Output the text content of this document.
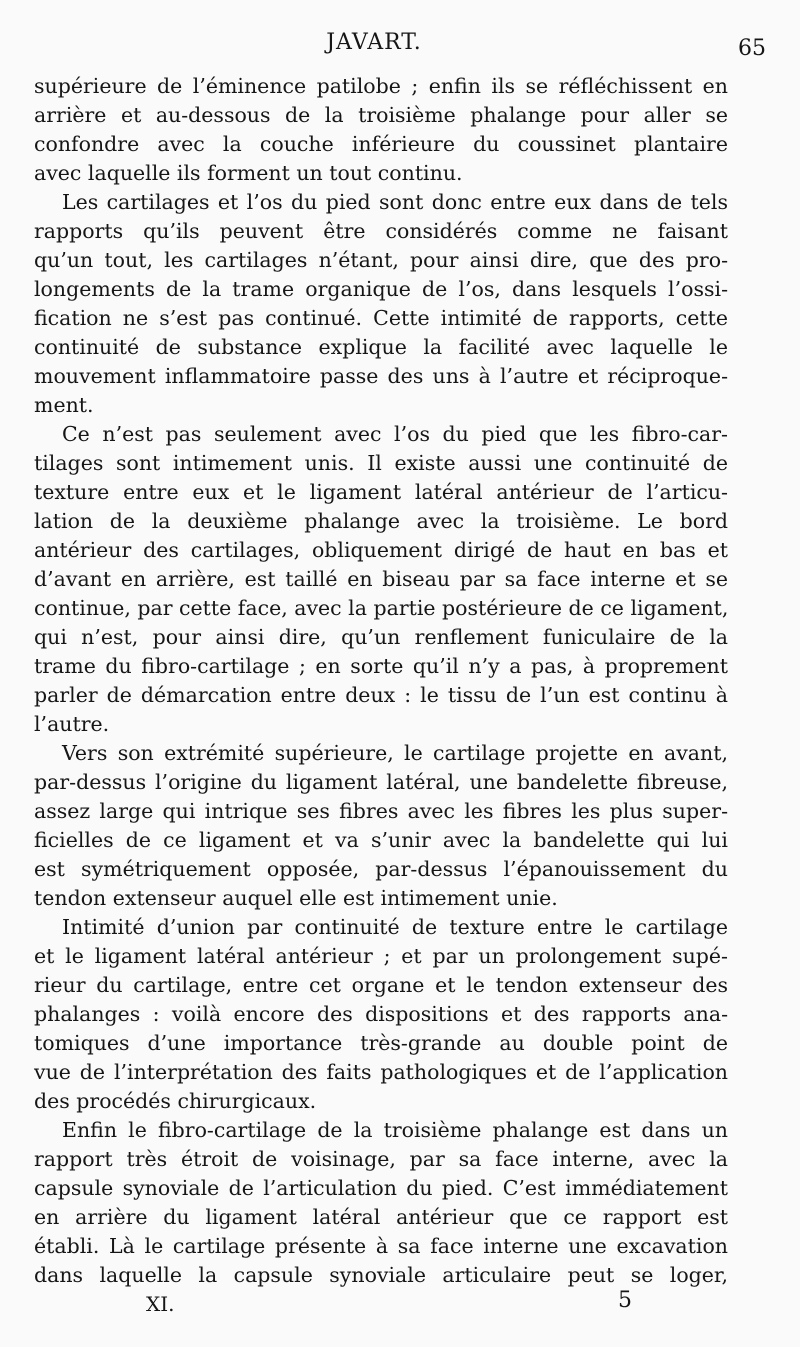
JAVART.	65
supérieure de l’éminence patilobe ; enfin ils se réfléchissent en
arrière et au-dessous de la troisième phalange pour aller se
confondre avec la couche inférieure du coussinet plantaire
avec laquelle ils forment un tout continu.
Les cartilages et l’os du pied sont donc entre eux dans de tels
rapports qu’ils peuvent être considérés comme ne faisant
qu’un tout, les cartilages n’étant, pour ainsi dire, que des pro-
longements de la trame organique de l’os, dans lesquels l’ossi-
fication ne s’est pas continué. Cette intimité de rapports, cette
continuité de substance explique la facilité avec laquelle le
mouvement inflammatoire passe des uns à l’autre et réciproque-
ment.
Ce n’est pas seulement avec l’os du pied que les fibro-car-
tilages sont intimement unis. Il existe aussi une continuité de
texture entre eux et le ligament latéral antérieur de l’articu-
lation de la deuxième phalange avec la troisième. Le bord
antérieur des cartilages, obliquement dirigé de haut en bas et
d’avant en arrière, est taillé en biseau par sa face interne et se
continue, par cette face, avec la partie postérieure de ce ligament,
qui n’est, pour ainsi dire, qu’un renflement funiculaire de la
trame du fibro-cartilage ; en sorte qu’il n’y a pas, à proprement
parler de démarcation entre deux : le tissu de l’un est continu à
l’autre.
Vers son extrémité supérieure, le cartilage projette en avant,
par-dessus l’origine du ligament latéral, une bandelette fibreuse,
assez large qui intrique ses fibres avec les fibres les plus super-
ficielles de ce ligament et va s’unir avec la bandelette qui lui
est symétriquement opposée, par-dessus l’épanouissement du
tendon extenseur auquel elle est intimement unie.
Intimité d’union par continuité de texture entre le cartilage
et le ligament latéral antérieur ; et par un prolongement supé-
rieur du cartilage, entre cet organe et le tendon extenseur des
phalanges : voilà encore des dispositions et des rapports ana-
tomiques d’une importance très-grande au double point de
vue de l’interprétation des faits pathologiques et de l’application
des procédés chirurgicaux.
Enfin le fibro-cartilage de la troisième phalange est dans un
rapport très étroit de voisinage, par sa face interne, avec la
capsule synoviale de l’articulation du pied. C’est immédiatement
en arrière du ligament latéral antérieur que ce rapport est
établi. Là le cartilage présente à sa face interne une excavation
dans laquelle la capsule synoviale articulaire peut se loger,
XI.	5
